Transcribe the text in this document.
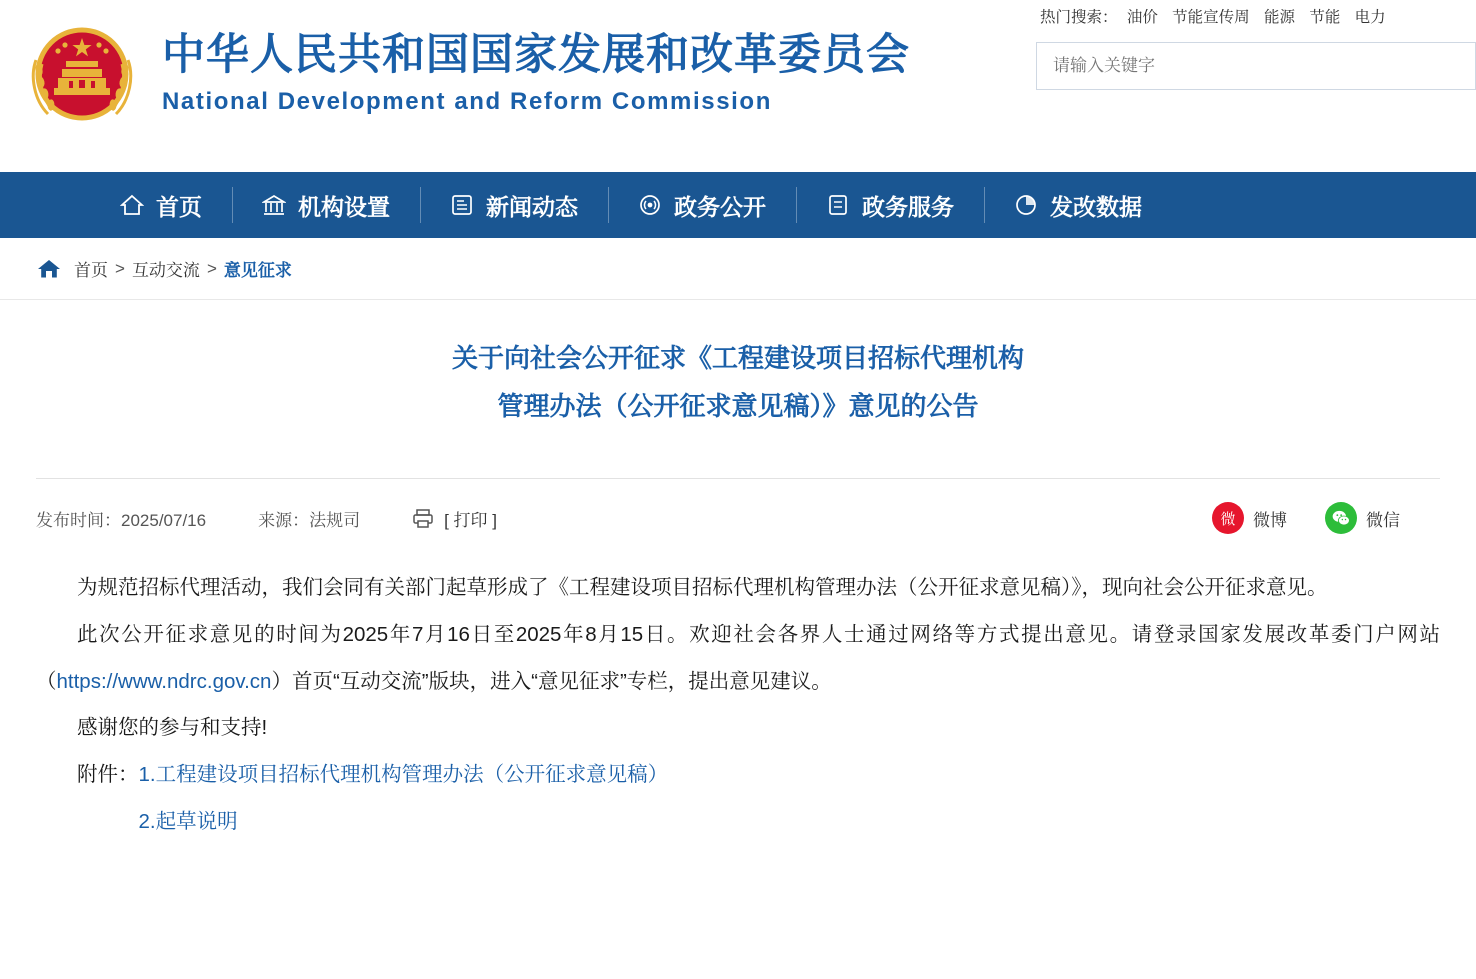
中华人民共和国国家发展和改革委员会
National Development and Reform Commission
热门搜索： 油价 节能宣传周 能源 节能 电力
请输入关键字
首页	机构设置	新闻动态	政务公开	政务服务	发改数据
首页 > 互动交流 > 意见征求
关于向社会公开征求《工程建设项目招标代理机构
管理办法（公开征求意见稿）》意见的公告
发布时间：2025/07/16	来源：法规司	[ 打印 ]	微 微博	微信

为规范招标代理活动，我们会同有关部门起草形成了《工程建设项目招标代理机构管理办法（公开征求意见稿）》，现向社会公开征求意见。

此次公开征求意见的时间为2025年7月16日至2025年8月15日。欢迎社会各界人士通过网络等方式提出意见。请登录国家发展改革委门户网站（https://www.ndrc.gov.cn）首页“互动交流”版块，进入“意见征求”专栏，提出意见建议。

感谢您的参与和支持!

附件：1.工程建设项目招标代理机构管理办法（公开征求意见稿）

2.起草说明
